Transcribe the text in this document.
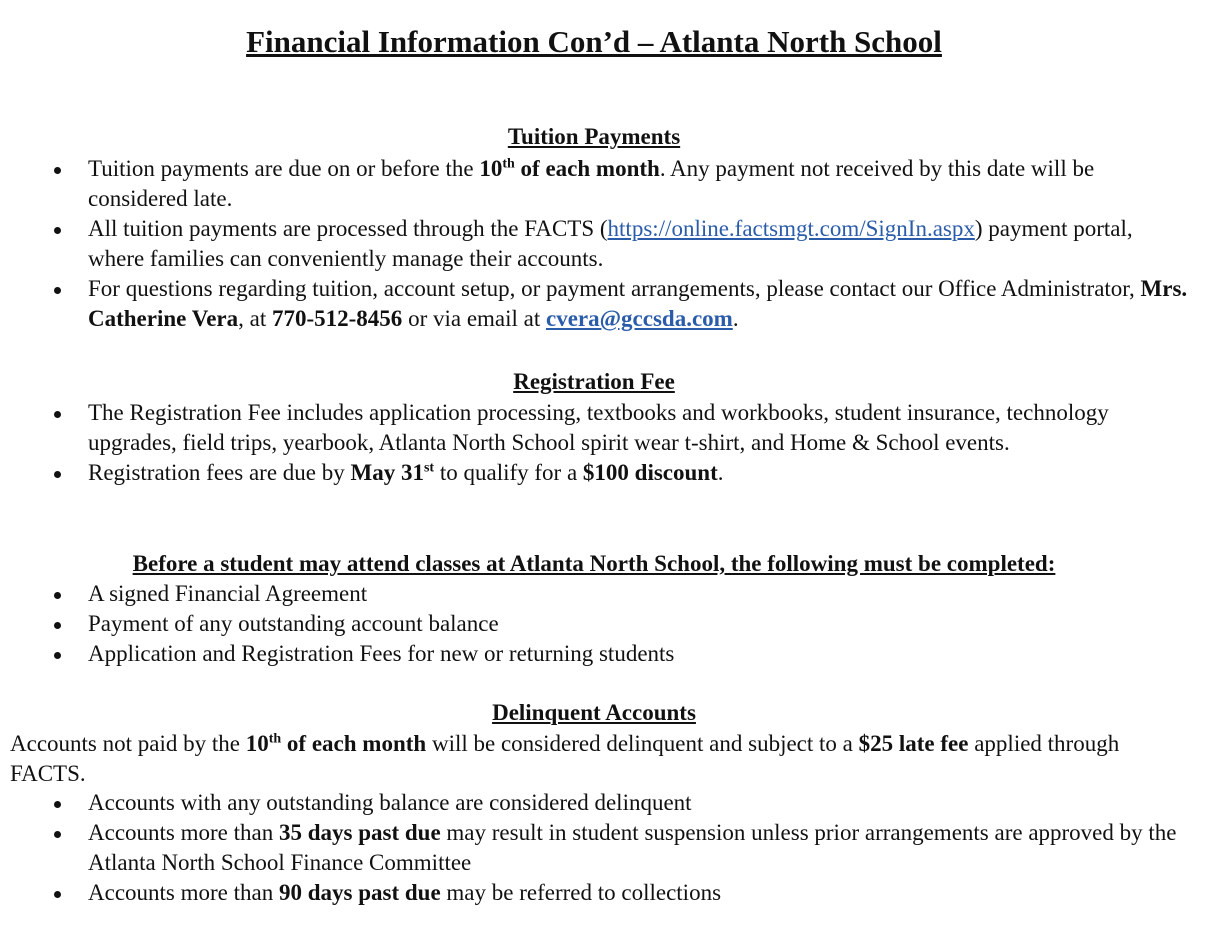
Financial Information Con’d – Atlanta North School
Tuition Payments
Tuition payments are due on or before the 10th of each month. Any payment not received by this date will be considered late.
All tuition payments are processed through the FACTS (https://online.factsmgt.com/SignIn.aspx) payment portal, where families can conveniently manage their accounts.
For questions regarding tuition, account setup, or payment arrangements, please contact our Office Administrator, Mrs. Catherine Vera, at 770-512-8456 or via email at cvera@gccsda.com.
Registration Fee
The Registration Fee includes application processing, textbooks and workbooks, student insurance, technology upgrades, field trips, yearbook, Atlanta North School spirit wear t-shirt, and Home & School events.
Registration fees are due by May 31st to qualify for a $100 discount.
Before a student may attend classes at Atlanta North School, the following must be completed:
A signed Financial Agreement
Payment of any outstanding account balance
Application and Registration Fees for new or returning students
Delinquent Accounts
Accounts not paid by the 10th of each month will be considered delinquent and subject to a $25 late fee applied through FACTS.
Accounts with any outstanding balance are considered delinquent
Accounts more than 35 days past due may result in student suspension unless prior arrangements are approved by the Atlanta North School Finance Committee
Accounts more than 90 days past due may be referred to collections
